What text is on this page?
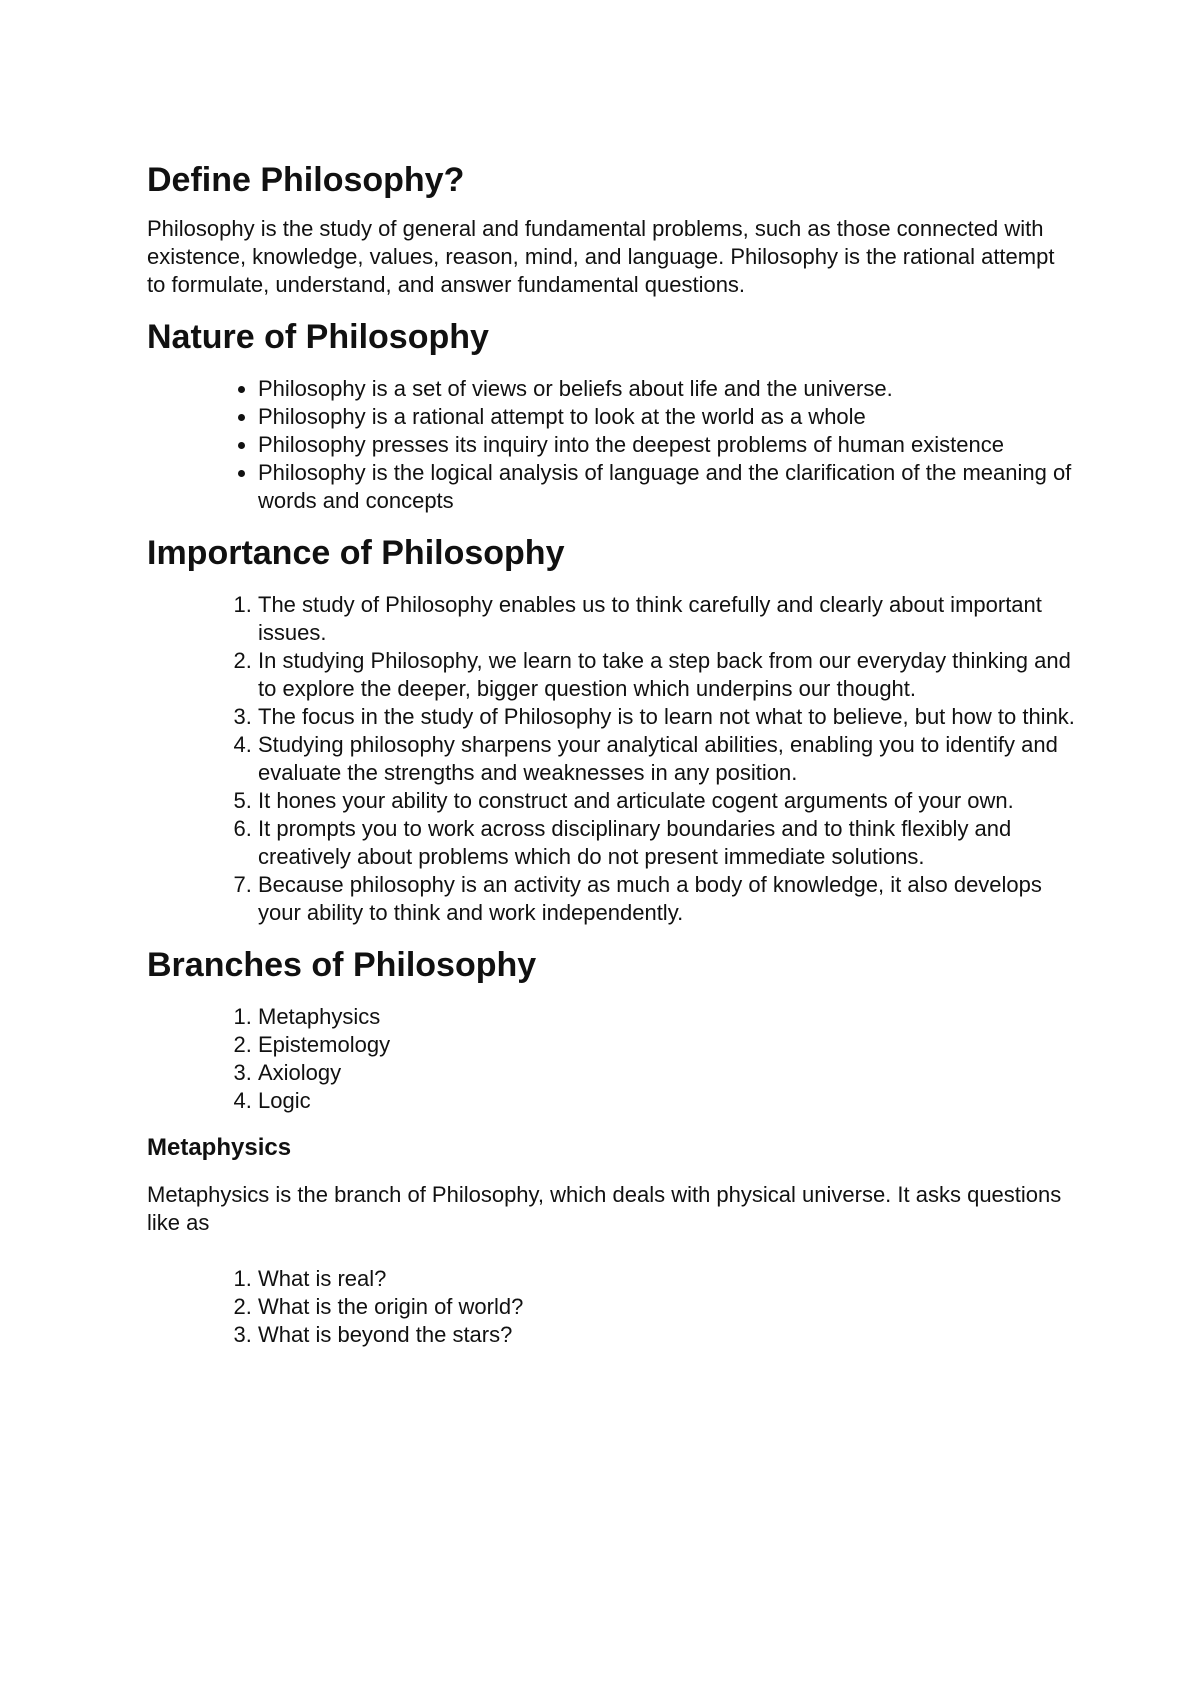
Define Philosophy?

Philosophy is the study of general and fundamental problems, such as those connected with existence, knowledge, values, reason, mind, and language. Philosophy is the rational attempt to formulate, understand, and answer fundamental questions.

Nature of Philosophy
• Philosophy is a set of views or beliefs about life and the universe.
• Philosophy is a rational attempt to look at the world as a whole
• Philosophy presses its inquiry into the deepest problems of human existence
• Philosophy is the logical analysis of language and the clarification of the meaning of words and concepts
Importance of Philosophy
1. The study of Philosophy enables us to think carefully and clearly about important issues.
2. In studying Philosophy, we learn to take a step back from our everyday thinking and to explore the deeper, bigger question which underpins our thought.
3. The focus in the study of Philosophy is to learn not what to believe, but how to think.
4. Studying philosophy sharpens your analytical abilities, enabling you to identify and evaluate the strengths and weaknesses in any position.
5. It hones your ability to construct and articulate cogent arguments of your own.
6. It prompts you to work across disciplinary boundaries and to think flexibly and creatively about problems which do not present immediate solutions.
7. Because philosophy is an activity as much a body of knowledge, it also develops your ability to think and work independently.
Branches of Philosophy
1. Metaphysics
2. Epistemology
3. Axiology
4. Logic
Metaphysics

Metaphysics is the branch of Philosophy, which deals with physical universe. It asks questions like as

1. What is real?
2. What is the origin of world?
3. What is beyond the stars?
